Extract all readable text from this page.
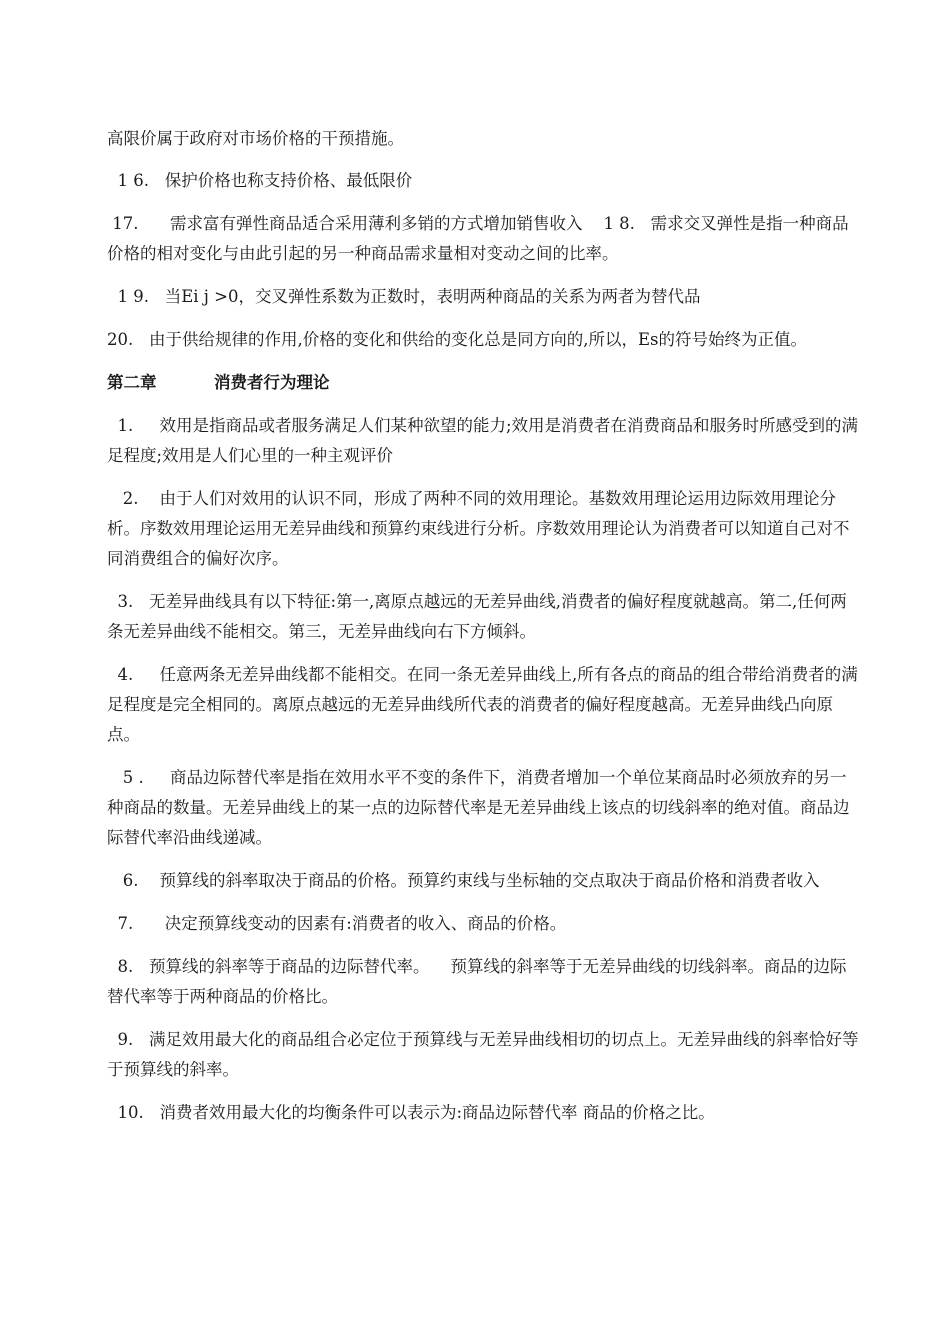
高限价属于政府对市场价格的干预措施。

1 6.   保护价格也称支持价格、最低限价

17.      需求富有弹性商品适合采用薄利多销的方式增加销售收入    1 8.   需求交叉弹性是指一种商品价格的相对变化与由此引起的另一种商品需求量相对变动之间的比率。

1 9.   当Ei j >0，交叉弹性系数为正数时，表明两种商品的关系为两者为替代品

20.   由于供给规律的作用,价格的变化和供给的变化总是同方向的,所以，Es的符号始终为正值。

第二章          消费者行为理论

1.     效用是指商品或者服务满足人们某种欲望的能力;效用是消费者在消费商品和服务时所感受到的满足程度;效用是人们心里的一种主观评价

2.    由于人们对效用的认识不同，形成了两种不同的效用理论。基数效用理论运用边际效用理论分析。序数效用理论运用无差异曲线和预算约束线进行分析。序数效用理论认为消费者可以知道自己对不同消费组合的偏好次序。

3.   无差异曲线具有以下特征:第一,离原点越远的无差异曲线,消费者的偏好程度就越高。第二,任何两条无差异曲线不能相交。第三，无差异曲线向右下方倾斜。

4.     任意两条无差异曲线都不能相交。在同一条无差异曲线上,所有各点的商品的组合带给消费者的满足程度是完全相同的。离原点越远的无差异曲线所代表的消费者的偏好程度越高。无差异曲线凸向原点。

5 .     商品边际替代率是指在效用水平不变的条件下，消费者增加一个单位某商品时必须放弃的另一种商品的数量。无差异曲线上的某一点的边际替代率是无差异曲线上该点的切线斜率的绝对值。商品边际替代率沿曲线递减。

6.    预算线的斜率取决于商品的价格。预算约束线与坐标轴的交点取决于商品价格和消费者收入

7.      决定预算线变动的因素有:消费者的收入、商品的价格。

8.   预算线的斜率等于商品的边际替代率。    预算线的斜率等于无差异曲线的切线斜率。商品的边际替代率等于两种商品的价格比。

9.   满足效用最大化的商品组合必定位于预算线与无差异曲线相切的切点上。无差异曲线的斜率恰好等于预算线的斜率。

10.   消费者效用最大化的均衡条件可以表示为:商品边际替代率 商品的价格之比。
